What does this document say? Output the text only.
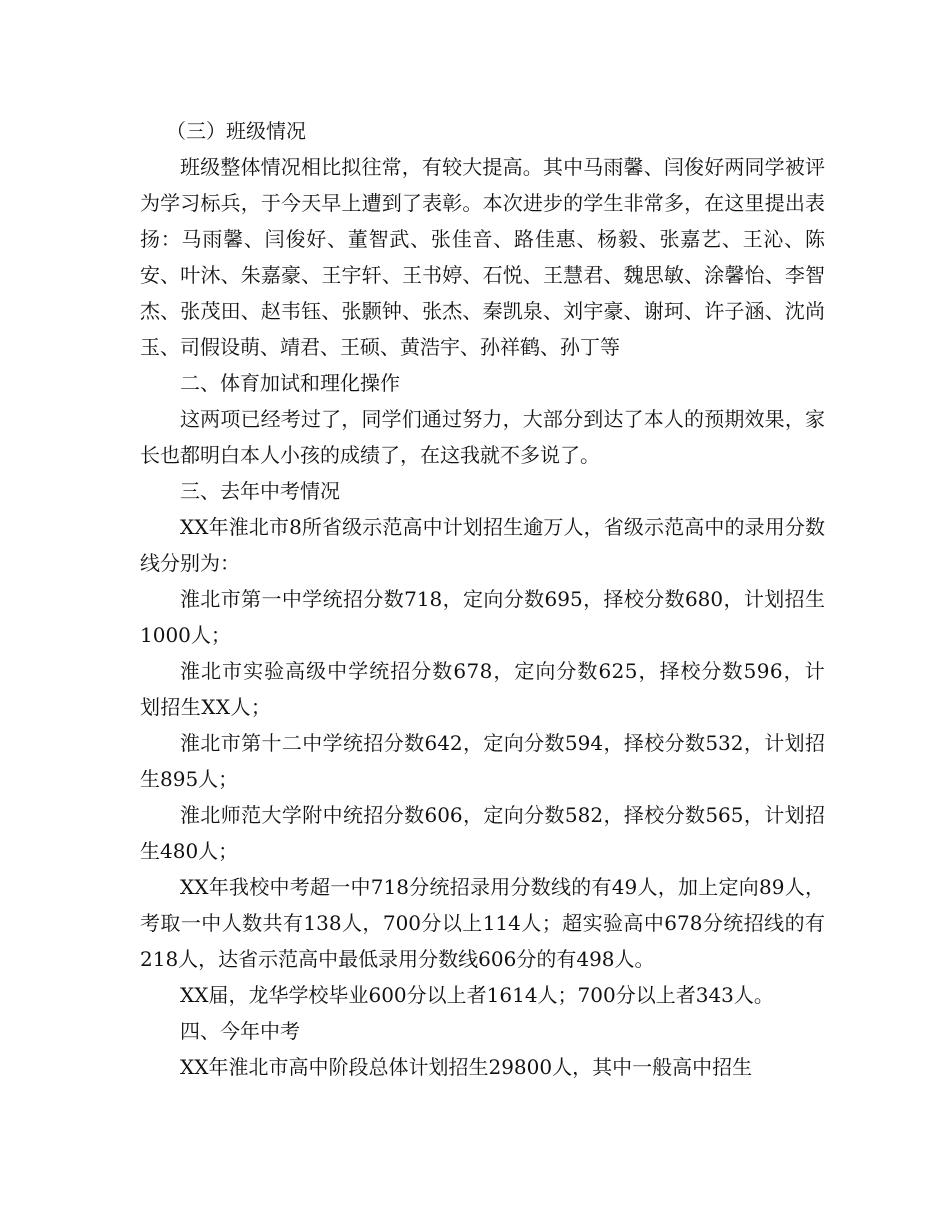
（三）班级情况

班级整体情况相比拟往常，有较大提高。其中马雨馨、闫俊好两同学被评为学习标兵，于今天早上遭到了表彰。本次进步的学生非常多，在这里提出表扬：马雨馨、闫俊好、董智武、张佳音、路佳惠、杨毅、张嘉艺、王沁、陈安、叶沐、朱嘉豪、王宇轩、王书婷、石悦、王慧君、魏思敏、涂馨怡、李智杰、张茂田、赵韦钰、张颢钟、张杰、秦凯泉、刘宇豪、谢珂、许子涵、沈尚玉、司假设萌、靖君、王硕、黄浩宇、孙祥鹤、孙丁等

二、体育加试和理化操作

这两项已经考过了，同学们通过努力，大部分到达了本人的预期效果，家长也都明白本人小孩的成绩了，在这我就不多说了。

三、去年中考情况

XX年淮北市8所省级示范高中计划招生逾万人，省级示范高中的录用分数线分别为：

淮北市第一中学统招分数718，定向分数695，择校分数680，计划招生1000人；

淮北市实验高级中学统招分数678，定向分数625，择校分数596，计划招生XX人；

淮北市第十二中学统招分数642，定向分数594，择校分数532，计划招生895人；

淮北师范大学附中统招分数606，定向分数582，择校分数565，计划招生480人；

XX年我校中考超一中718分统招录用分数线的有49人，加上定向89人，考取一中人数共有138人，700分以上114人；超实验高中678分统招线的有218人，达省示范高中最低录用分数线606分的有498人。

XX届，龙华学校毕业600分以上者1614人；700分以上者343人。

四、今年中考

XX年淮北市高中阶段总体计划招生29800人，其中一般高中招生
